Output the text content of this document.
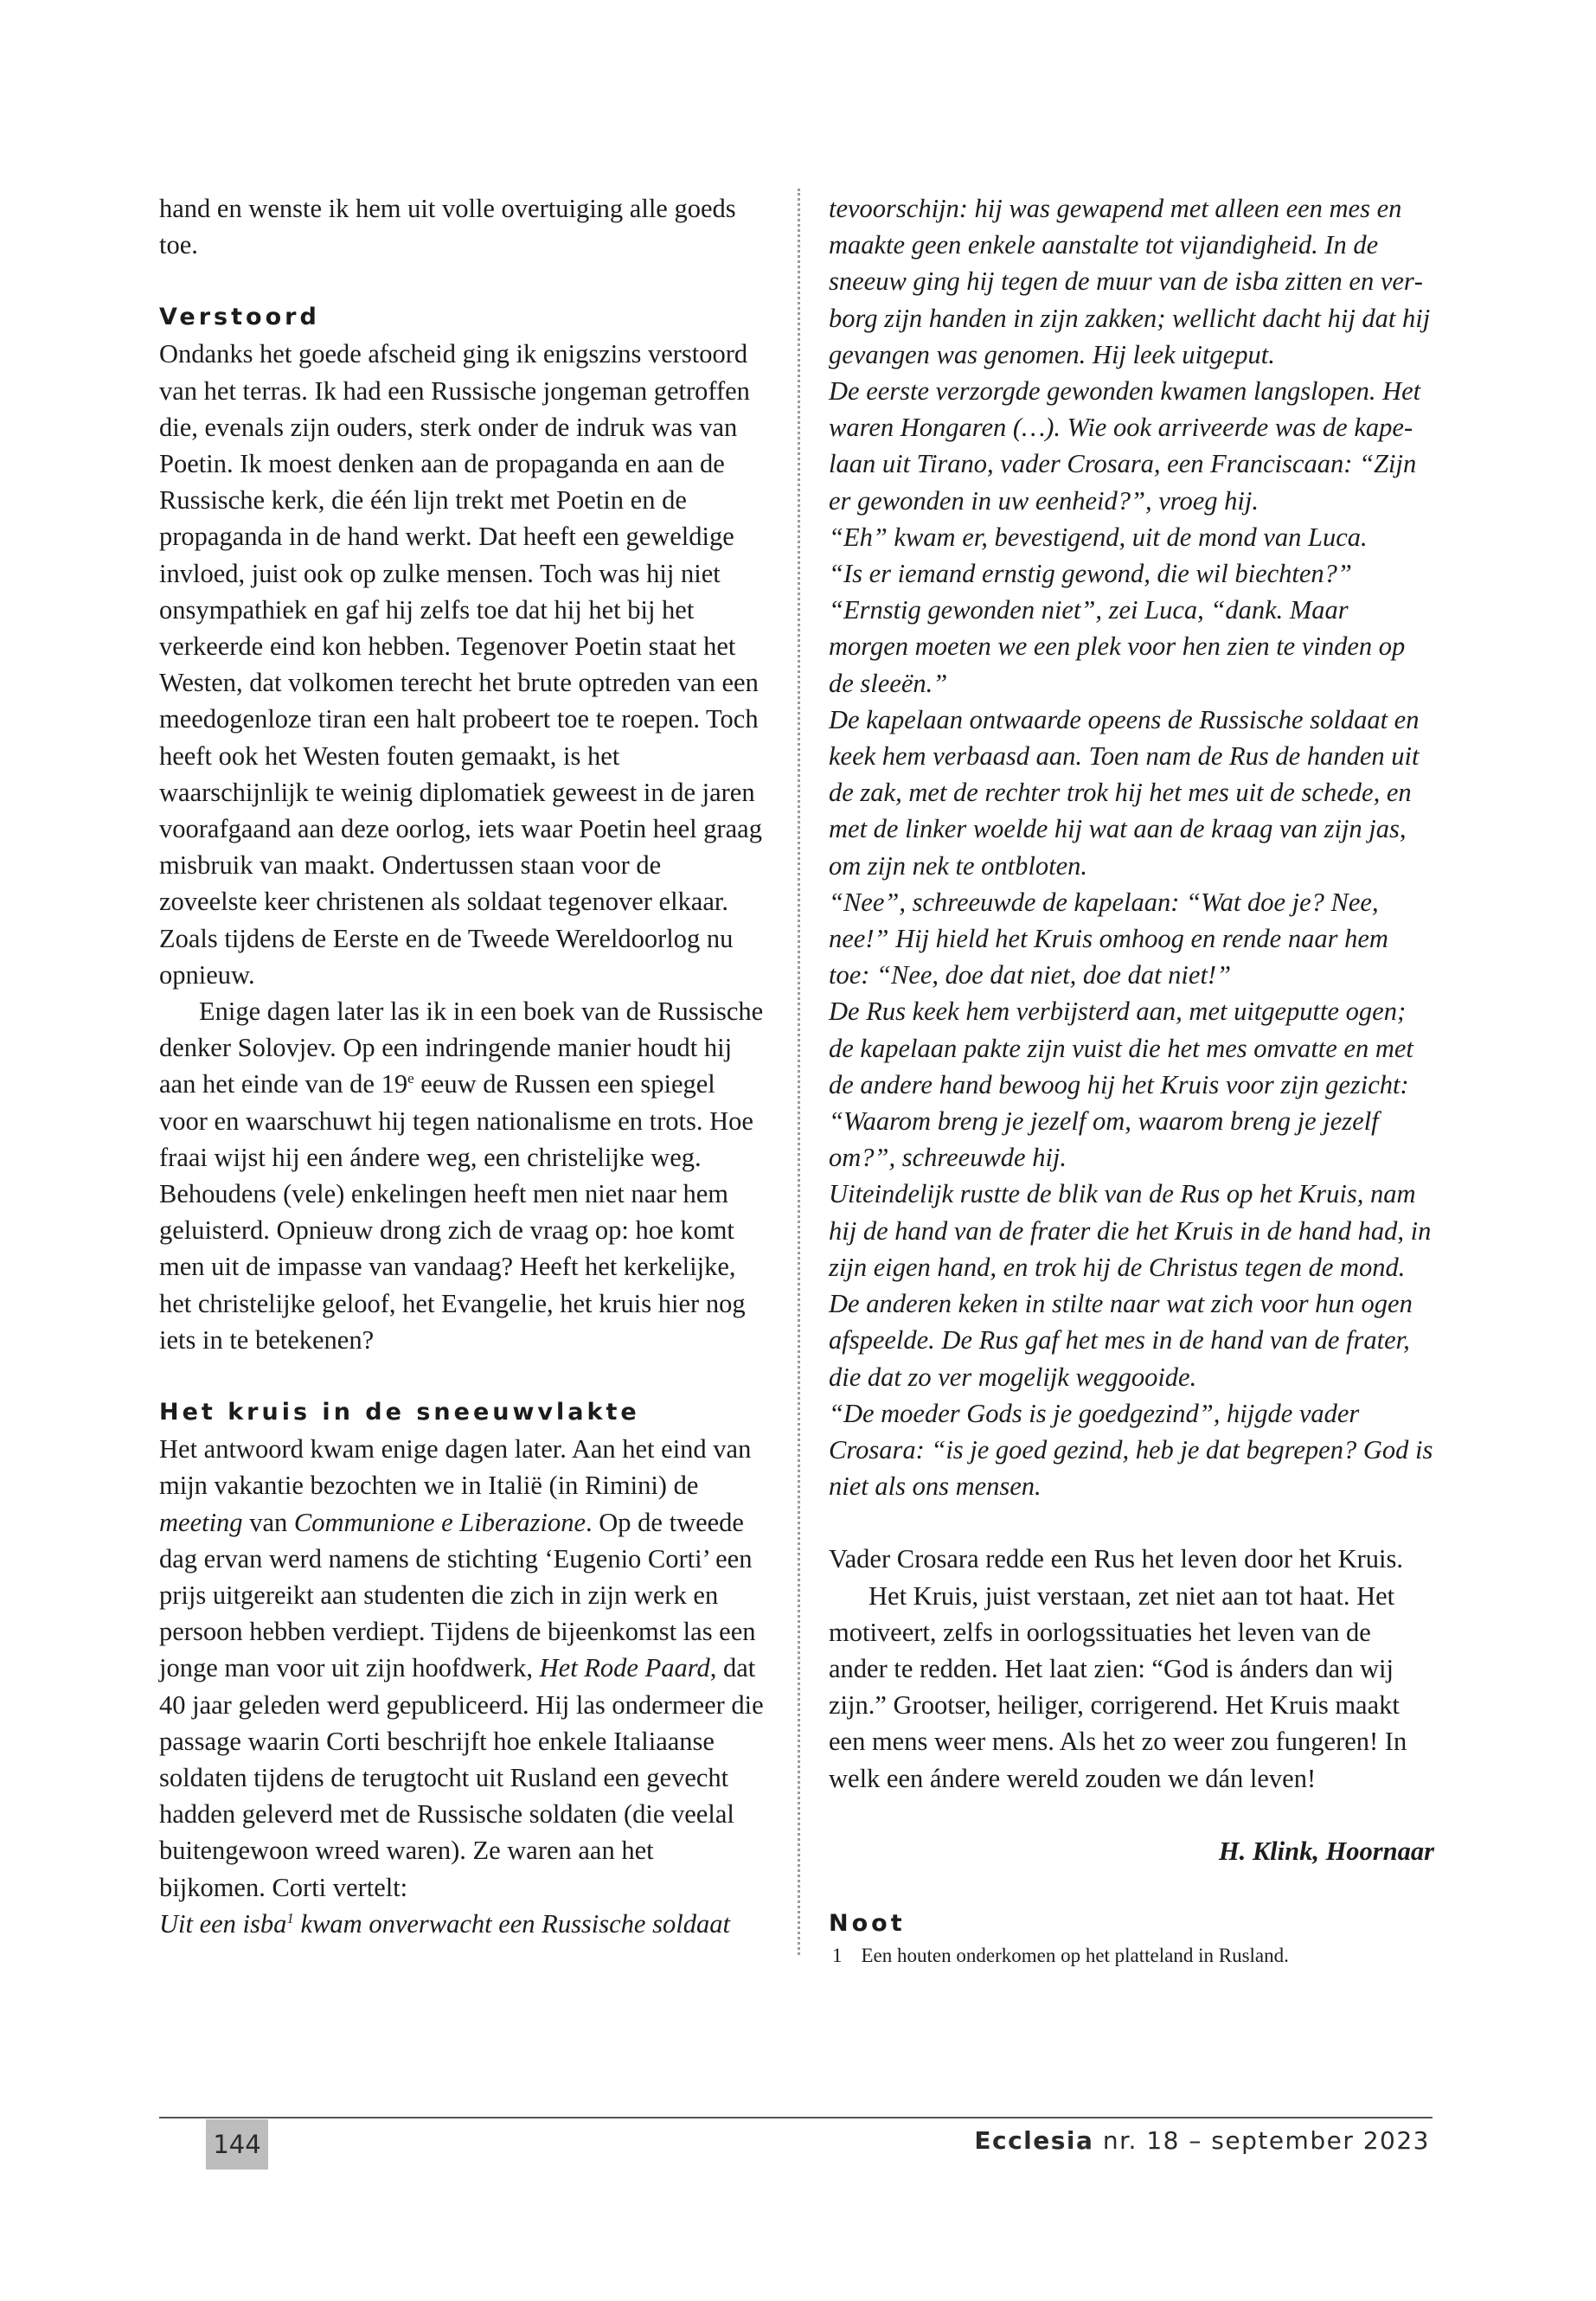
hand en wenste ik hem uit volle overtuiging alle goeds toe.

Verstoord

Ondanks het goede afscheid ging ik enigszins verstoord van het terras. Ik had een Russische jongeman getroffen die, evenals zijn ouders, sterk onder de indruk was van Poetin. Ik moest denken aan de propaganda en aan de Russische kerk, die één lijn trekt met Poetin en de propaganda in de hand werkt. Dat heeft een geweldige invloed, juist ook op zulke mensen. Toch was hij niet onsympathiek en gaf hij zelfs toe dat hij het bij het verkeerde eind kon hebben. Tegenover Poetin staat het Westen, dat volkomen terecht het brute optreden van een meedogenloze tiran een halt probeert toe te roepen. Toch heeft ook het Westen fouten gemaakt, is het waarschijnlijk te weinig diplomatiek geweest in de jaren voorafgaand aan deze oorlog, iets waar Poetin heel graag misbruik van maakt. Ondertussen staan voor de zoveelste keer christenen als soldaat tegenover elkaar. Zoals tijdens de Eerste en de Tweede Wereldoorlog nu opnieuw.

Enige dagen later las ik in een boek van de Russische denker Solovjev. Op een indringende manier houdt hij aan het einde van de 19e eeuw de Russen een spiegel voor en waarschuwt hij tegen nationalisme en trots. Hoe fraai wijst hij een ándere weg, een christelijke weg. Behoudens (vele) enkelingen heeft men niet naar hem geluisterd. Opnieuw drong zich de vraag op: hoe komt men uit de impasse van vandaag? Heeft het kerkelijke, het christelijke geloof, het Evangelie, het kruis hier nog iets in te betekenen?

Het kruis in de sneeuwvlakte

Het antwoord kwam enige dagen later. Aan het eind van mijn vakantie bezochten we in Italië (in Rimini) de meeting van Communione e Liberazione. Op de tweede dag ervan werd namens de stichting ‘Eugenio Corti’ een prijs uitgereikt aan studenten die zich in zijn werk en persoon hebben verdiept. Tijdens de bijeenkomst las een jonge man voor uit zijn hoofdwerk, Het Rode Paard, dat 40 jaar geleden werd gepubliceerd. Hij las ondermeer die passage waarin Corti beschrijft hoe enkele Italiaanse soldaten tijdens de terugtocht uit Rusland een gevecht hadden geleverd met de Russische soldaten (die veelal buitengewoon wreed waren). Ze waren aan het bijkomen. Corti vertelt:

Uit een isba$^1$ kwam onverwacht een Russische soldaat

tevoorschijn: hij was gewapend met alleen een mes en maakte geen enkele aanstalte tot vijandigheid. In de sneeuw ging hij tegen de muur van de isba zitten en verborg zijn handen in zijn zakken; wellicht dacht hij dat hij gevangen was genomen. Hij leek uitgeput.

De eerste verzorgde gewonden kwamen langslopen. Het waren Hongaren (…). Wie ook arriveerde was de kapelaan uit Tirano, vader Crosara, een Franciscaan: “Zijn er gewonden in uw eenheid?”, vroeg hij.

“Eh” kwam er, bevestigend, uit de mond van Luca.

“Is er iemand ernstig gewond, die wil biechten?”

“Ernstig gewonden niet”, zei Luca, “dank. Maar morgen moeten we een plek voor hen zien te vinden op de sleeën.”

De kapelaan ontwaarde opeens de Russische soldaat en keek hem verbaasd aan. Toen nam de Rus de handen uit de zak, met de rechter trok hij het mes uit de schede, en met de linker woelde hij wat aan de kraag van zijn jas, om zijn nek te ontbloten.

“Nee”, schreeuwde de kapelaan: “Wat doe je? Nee, nee!” Hij hield het Kruis omhoog en rende naar hem toe: “Nee, doe dat niet, doe dat niet!”

De Rus keek hem verbijsterd aan, met uitgeputte ogen; de kapelaan pakte zijn vuist die het mes omvatte en met de andere hand bewoog hij het Kruis voor zijn gezicht: “Waarom breng je jezelf om, waarom breng je jezelf om?”, schreeuwde hij.

Uiteindelijk rustte de blik van de Rus op het Kruis, nam hij de hand van de frater die het Kruis in de hand had, in zijn eigen hand, en trok hij de Christus tegen de mond. De anderen keken in stilte naar wat zich voor hun ogen afspeelde. De Rus gaf het mes in de hand van de frater, die dat zo ver mogelijk weggooide.

“De moeder Gods is je goedgezind”, hijgde vader Crosara: “is je goed gezind, heb je dat begrepen? God is niet als ons mensen.

Vader Crosara redde een Rus het leven door het Kruis.

Het Kruis, juist verstaan, zet niet aan tot haat. Het motiveert, zelfs in oorlogssituaties het leven van de ander te redden. Het laat zien: “God is ánders dan wij zijn.” Grootser, heiliger, corrigerend. Het Kruis maakt een mens weer mens. Als het zo weer zou fungeren! In welk een ándere wereld zouden we dán leven!

H. Klink, Hoornaar

Noot
1 Een houten onderkomen op het platteland in Rusland.
144	Ecclesia nr. 18 – september 2023
